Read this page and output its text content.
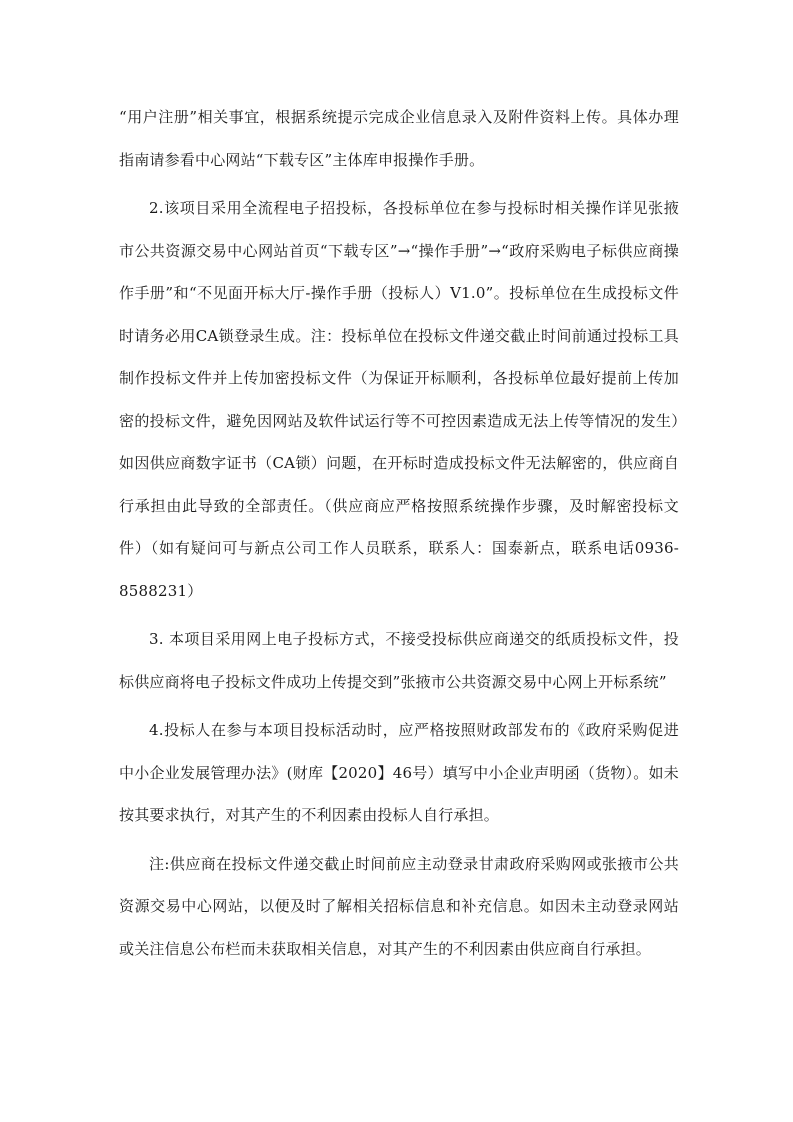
“用户注册”相关事宜，根据系统提示完成企业信息录入及附件资料上传。具体办理指南请参看中心网站“下载专区”主体库申报操作手册。

2.该项目采用全流程电子招投标，各投标单位在参与投标时相关操作详见张掖市公共资源交易中心网站首页“下载专区”→“操作手册”→“政府采购电子标供应商操作手册”和“不见面开标大厅-操作手册（投标人）V1.0”。投标单位在生成投标文件时请务必用CA锁登录生成。注：投标单位在投标文件递交截止时间前通过投标工具制作投标文件并上传加密投标文件（为保证开标顺利，各投标单位最好提前上传加密的投标文件，避免因网站及软件试运行等不可控因素造成无法上传等情况的发生）如因供应商数字证书（CA锁）问题，在开标时造成投标文件无法解密的，供应商自行承担由此导致的全部责任。（供应商应严格按照系统操作步骤，及时解密投标文件）（如有疑问可与新点公司工作人员联系，联系人：国泰新点，联系电话0936-8588231）

3. 本项目采用网上电子投标方式，不接受投标供应商递交的纸质投标文件，投标供应商将电子投标文件成功上传提交到”张掖市公共资源交易中心网上开标系统”

4.投标人在参与本项目投标活动时，应严格按照财政部发布的《政府采购促进中小企业发展管理办法》(财库【2020】46号）填写中小企业声明函（货物）。如未按其要求执行，对其产生的不利因素由投标人自行承担。

注:供应商在投标文件递交截止时间前应主动登录甘肃政府采购网或张掖市公共资源交易中心网站，以便及时了解相关招标信息和补充信息。如因未主动登录网站或关注信息公布栏而未获取相关信息，对其产生的不利因素由供应商自行承担。
